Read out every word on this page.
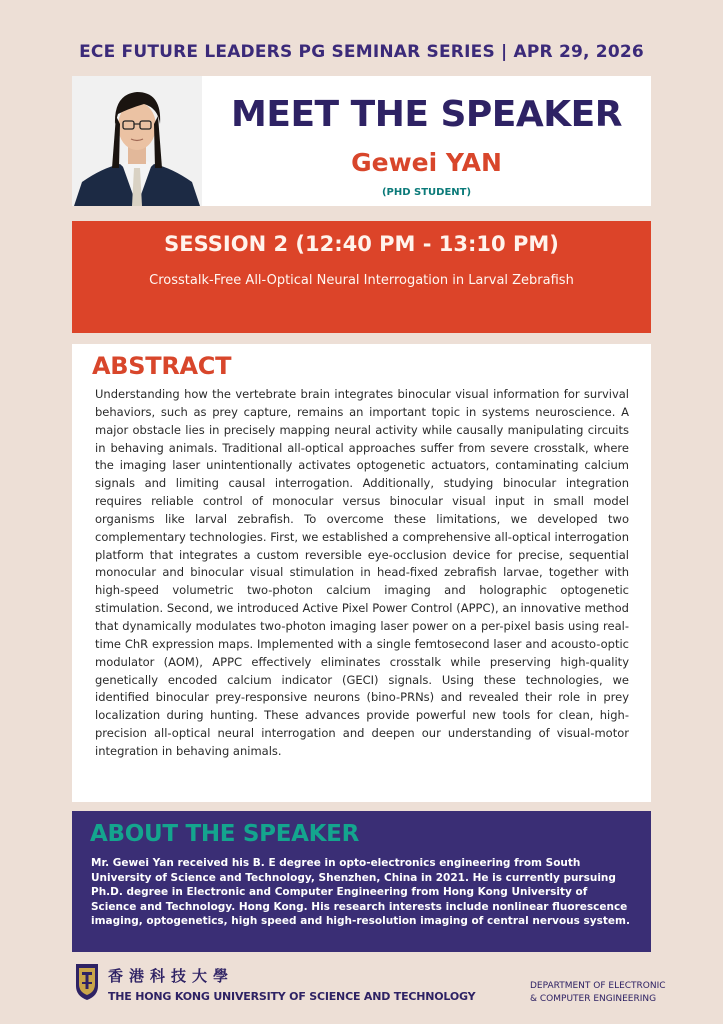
ECE FUTURE LEADERS PG SEMINAR SERIES | APR 29, 2026
MEET THE SPEAKER
Gewei YAN
(PHD STUDENT)
SESSION 2 (12:40 PM - 13:10 PM)
Crosstalk-Free All-Optical Neural Interrogation in Larval Zebrafish
ABSTRACT

Understanding how the vertebrate brain integrates binocular visual information for survival behaviors, such as prey capture, remains an important topic in systems neuroscience. A major obstacle lies in precisely mapping neural activity while causally manipulating circuits in behaving animals. Traditional all-optical approaches suffer from severe crosstalk, where the imaging laser unintentionally activates optogenetic actuators, contaminating calcium signals and limiting causal interrogation. Additionally, studying binocular integration requires reliable control of monocular versus binocular visual input in small model organisms like larval zebrafish. To overcome these limitations, we developed two complementary technologies. First, we established a comprehensive all-optical interrogation platform that integrates a custom reversible eye-occlusion device for precise, sequential monocular and binocular visual stimulation in head-fixed zebrafish larvae, together with high-speed volumetric two-photon calcium imaging and holographic optogenetic stimulation. Second, we introduced Active Pixel Power Control (APPC), an innovative method that dynamically modulates two-photon imaging laser power on a per-pixel basis using real-time ChR expression maps. Implemented with a single femtosecond laser and acousto-optic modulator (AOM), APPC effectively eliminates crosstalk while preserving high-quality genetically encoded calcium indicator (GECI) signals. Using these technologies, we identified binocular prey-responsive neurons (bino-PRNs) and revealed their role in prey localization during hunting. These advances provide powerful new tools for clean, high-precision all-optical neural interrogation and deepen our understanding of visual-motor integration in behaving animals.

ABOUT THE SPEAKER

Mr. Gewei Yan received his B. E degree in opto-electronics engineering from South University of Science and Technology, Shenzhen, China in 2021. He is currently pursuing Ph.D. degree in Electronic and Computer Engineering from Hong Kong University of Science and Technology. Hong Kong. His research interests include nonlinear fluorescence imaging, optogenetics, high speed and high-resolution imaging of central nervous system.

香港科技大學
THE HONG KONG UNIVERSITY OF SCIENCE AND TECHNOLOGY
DEPARTMENT OF ELECTRONIC
& COMPUTER ENGINEERING
